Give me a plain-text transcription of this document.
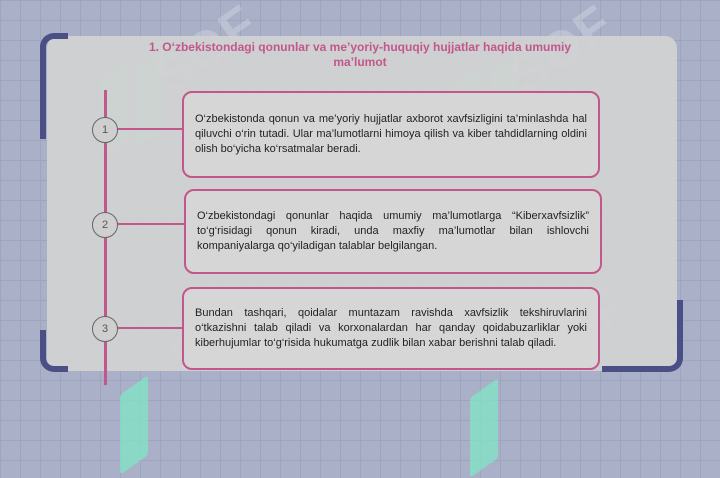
1. O‘zbekistondagi qonunlar va me’yoriy-huquqiy hujjatlar haqida umumiy ma’lumot
1

O‘zbekistonda qonun va me’yoriy hujjatlar axborot xavfsizligini ta’minlashda hal qiluvchi o‘rin tutadi. Ular ma’lumotlarni himoya qilish va kiber tahdidlarning oldini olish bo‘yicha ko‘rsatmalar beradi.

2

O‘zbekistondagi qonunlar haqida umumiy ma’lumotlarga “Kiberxavfsizlik” to‘g‘risidagi qonun kiradi, unda maxfiy ma’lumotlar bilan ishlovchi kompaniyalarga qo‘yiladigan talablar belgilangan.

3

Bundan tashqari, qoidalar muntazam ravishda xavfsizlik tekshiruvlarini o‘tkazishni talab qiladi va korxonalardan har qanday qoidabuzarliklar yoki kiberhujumlar to‘g‘risida hukumatga zudlik bilan xabar berishni talab qiladi.
